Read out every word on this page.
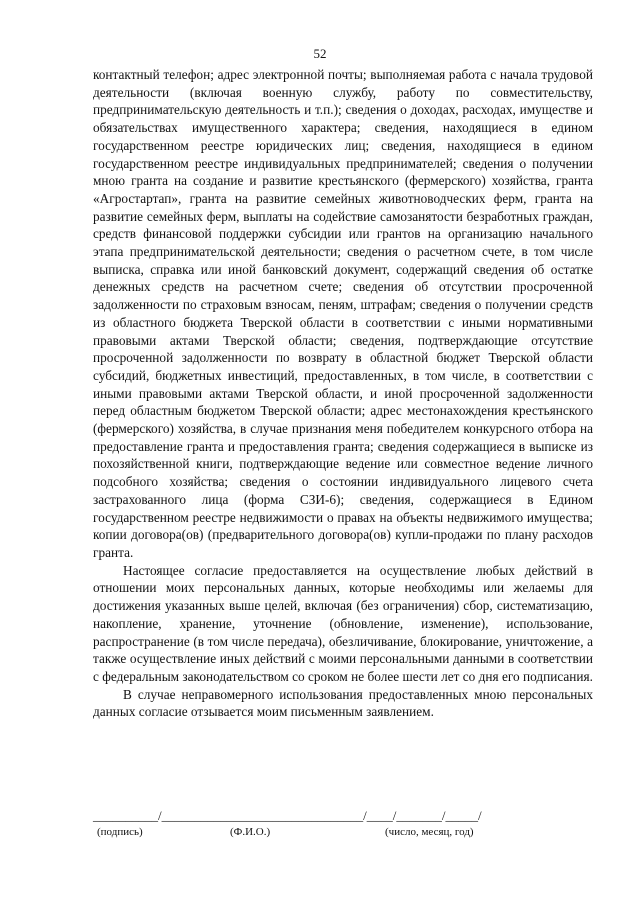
52

контактный телефон; адрес электронной почты; выполняемая работа с начала трудовой деятельности (включая военную службу, работу по совместительству, предпринимательскую деятельность и т.п.); сведения о доходах, расходах, имуществе и обязательствах имущественного характера; сведения, находящиеся в едином государственном реестре юридических лиц; сведения, находящиеся в едином государственном реестре индивидуальных предпринимателей; сведения о получении мною гранта на создание и развитие крестьянского (фермерского) хозяйства, гранта «Агростартап», гранта на развитие семейных животноводческих ферм, гранта на развитие семейных ферм, выплаты на содействие самозанятости безработных граждан, средств финансовой поддержки субсидии или грантов на организацию начального этапа предпринимательской деятельности; сведения о расчетном счете, в том числе выписка, справка или иной банковский документ, содержащий сведения об остатке денежных средств на расчетном счете; сведения об отсутствии просроченной задолженности по страховым взносам, пеням, штрафам; сведения о получении средств из областного бюджета Тверской области в соответствии с иными нормативными правовыми актами Тверской области; сведения, подтверждающие отсутствие просроченной задолженности по возврату в областной бюджет Тверской области субсидий, бюджетных инвестиций, предоставленных, в том числе, в соответствии с иными правовыми актами Тверской области, и иной просроченной задолженности перед областным бюджетом Тверской области; адрес местонахождения крестьянского (фермерского) хозяйства, в случае признания меня победителем конкурсного отбора на предоставление гранта и предоставления гранта; сведения содержащиеся в выписке из похозяйственной книги, подтверждающие ведение или совместное ведение личного подсобного хозяйства; сведения о состоянии индивидуального лицевого счета застрахованного лица (форма СЗИ-6); сведения, содержащиеся в Едином государственном реестре недвижимости о правах на объекты недвижимого имущества; копии договора(ов) (предварительного договора(ов) купли-продажи по плану расходов гранта.

Настоящее согласие предоставляется на осуществление любых действий в отношении моих персональных данных, которые необходимы или желаемы для достижения указанных выше целей, включая (без ограничения) сбор, систематизацию, накопление, хранение, уточнение (обновление, изменение), использование, распространение (в том числе передача), обезличивание, блокирование, уничтожение, а также осуществление иных действий с моими персональными данными в соответствии с федеральным законодательством со сроком не более шести лет со дня его подписания.

В случае неправомерного использования предоставленных мною персональных данных согласие отзывается моим письменным заявлением.

__________/_______________________________/____/_______/_____/
(подпись)	(Ф.И.О.)	(число, месяц, год)
